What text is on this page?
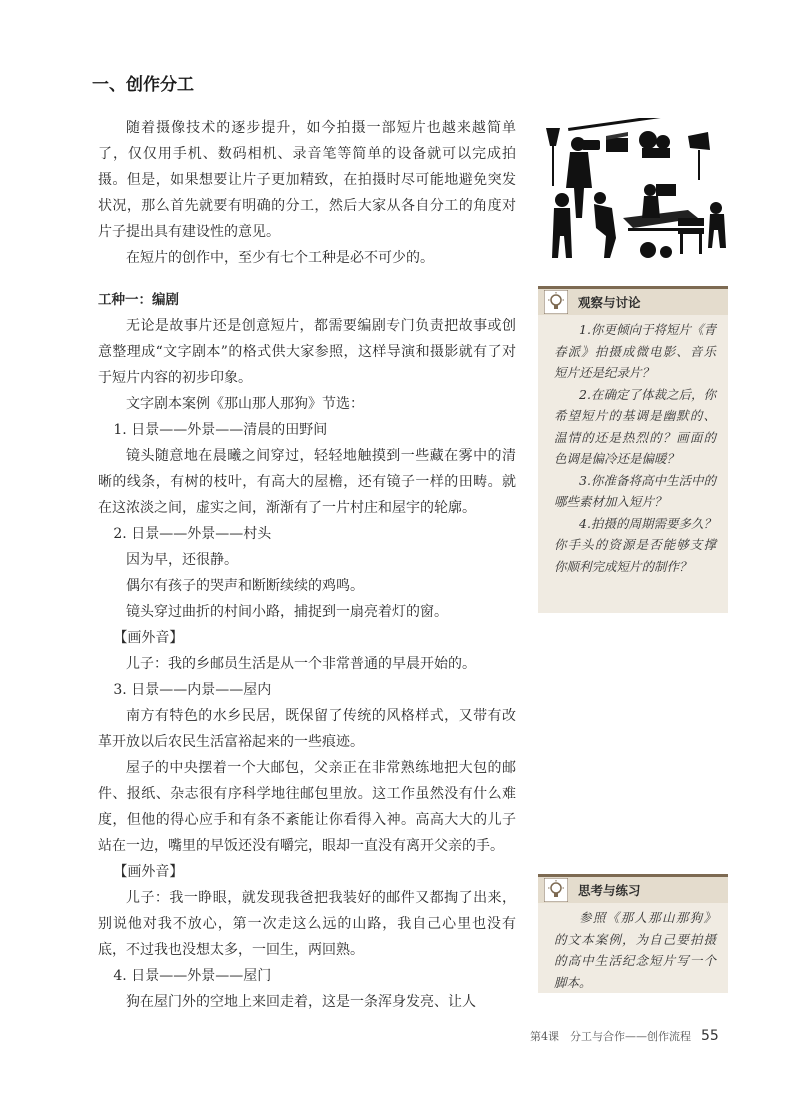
一、创作分工

随着摄像技术的逐步提升，如今拍摄一部短片也越来越简单了，仅仅用手机、数码相机、录音笔等简单的设备就可以完成拍摄。但是，如果想要让片子更加精致，在拍摄时尽可能地避免突发状况，那么首先就要有明确的分工，然后大家从各自分工的角度对片子提出具有建设性的意见。

在短片的创作中，至少有七个工种是必不可少的。

工种一：编剧

无论是故事片还是创意短片，都需要编剧专门负责把故事或创意整理成“文字剧本”的格式供大家参照，这样导演和摄影就有了对于短片内容的初步印象。

文字剧本案例《那山那人那狗》节选：

1. 日景——外景——清晨的田野间

镜头随意地在晨曦之间穿过，轻轻地触摸到一些藏在雾中的清晰的线条，有树的枝叶，有高大的屋檐，还有镜子一样的田畴。就在这浓淡之间，虚实之间，渐渐有了一片村庄和屋宇的轮廓。

2. 日景——外景——村头

因为早，还很静。

偶尔有孩子的哭声和断断续续的鸡鸣。

镜头穿过曲折的村间小路，捕捉到一扇亮着灯的窗。

【画外音】

儿子：我的乡邮员生活是从一个非常普通的早晨开始的。

3. 日景——内景——屋内

南方有特色的水乡民居，既保留了传统的风格样式，又带有改革开放以后农民生活富裕起来的一些痕迹。

屋子的中央摆着一个大邮包，父亲正在非常熟练地把大包的邮件、报纸、杂志很有序科学地往邮包里放。这工作虽然没有什么难度，但他的得心应手和有条不紊能让你看得入神。高高大大的儿子站在一边，嘴里的早饭还没有嚼完，眼却一直没有离开父亲的手。

【画外音】

儿子：我一睁眼，就发现我爸把我装好的邮件又都掏了出来，别说他对我不放心，第一次走这么远的山路，我自己心里也没有底，不过我也没想太多，一回生，两回熟。

4. 日景——外景——屋门

狗在屋门外的空地上来回走着，这是一条浑身发亮、让人

观察与讨论

1.你更倾向于将短片《青春派》拍摄成微电影、音乐短片还是纪录片？

2.在确定了体裁之后，你希望短片的基调是幽默的、温情的还是热烈的？画面的色调是偏冷还是偏暖？

3.你准备将高中生活中的哪些素材加入短片？

4.拍摄的周期需要多久？你手头的资源是否能够支撑你顺利完成短片的制作？

思考与练习

参照《那人那山那狗》的文本案例，为自己要拍摄的高中生活纪念短片写一个脚本。

第4课　分工与合作——创作流程 55
